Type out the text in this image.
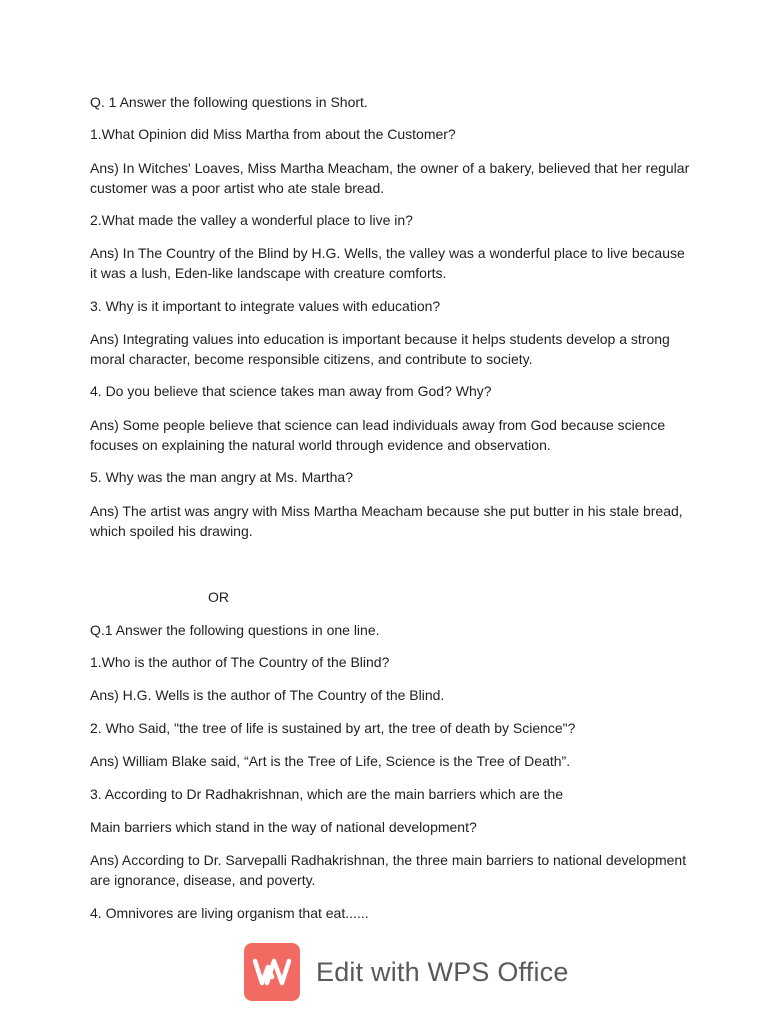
Q. 1 Answer the following questions in Short.

1.What Opinion did Miss Martha from about the Customer?

Ans) In Witches' Loaves, Miss Martha Meacham, the owner of a bakery, believed that her regular

customer was a poor artist who ate stale bread.

2.What made the valley a wonderful place to live in?

Ans) In The Country of the Blind by H.G. Wells, the valley was a wonderful place to live because

it was a lush, Eden-like landscape with creature comforts.

3. Why is it important to integrate values with education?

Ans) Integrating values into education is important because it helps students develop a strong

moral character, become responsible citizens, and contribute to society.

4. Do you believe that science takes man away from God? Why?

Ans) Some people believe that science can lead individuals away from God because science

focuses on explaining the natural world through evidence and observation.

5. Why was the man angry at Ms. Martha?

Ans) The artist was angry with Miss Martha Meacham because she put butter in his stale bread,

which spoiled his drawing.

OR

Q.1 Answer the following questions in one line.

1.Who is the author of The Country of the Blind?

Ans) H.G. Wells is the author of The Country of the Blind.

2. Who Said, "the tree of life is sustained by art, the tree of death by Science"?

Ans) William Blake said, “Art is the Tree of Life, Science is the Tree of Death”.

3. According to Dr Radhakrishnan, which are the main barriers which are the

Main barriers which stand in the way of national development?

Ans) According to Dr. Sarvepalli Radhakrishnan, the three main barriers to national development

are ignorance, disease, and poverty.

4. Omnivores are living organism that eat......

Edit with WPS Office
